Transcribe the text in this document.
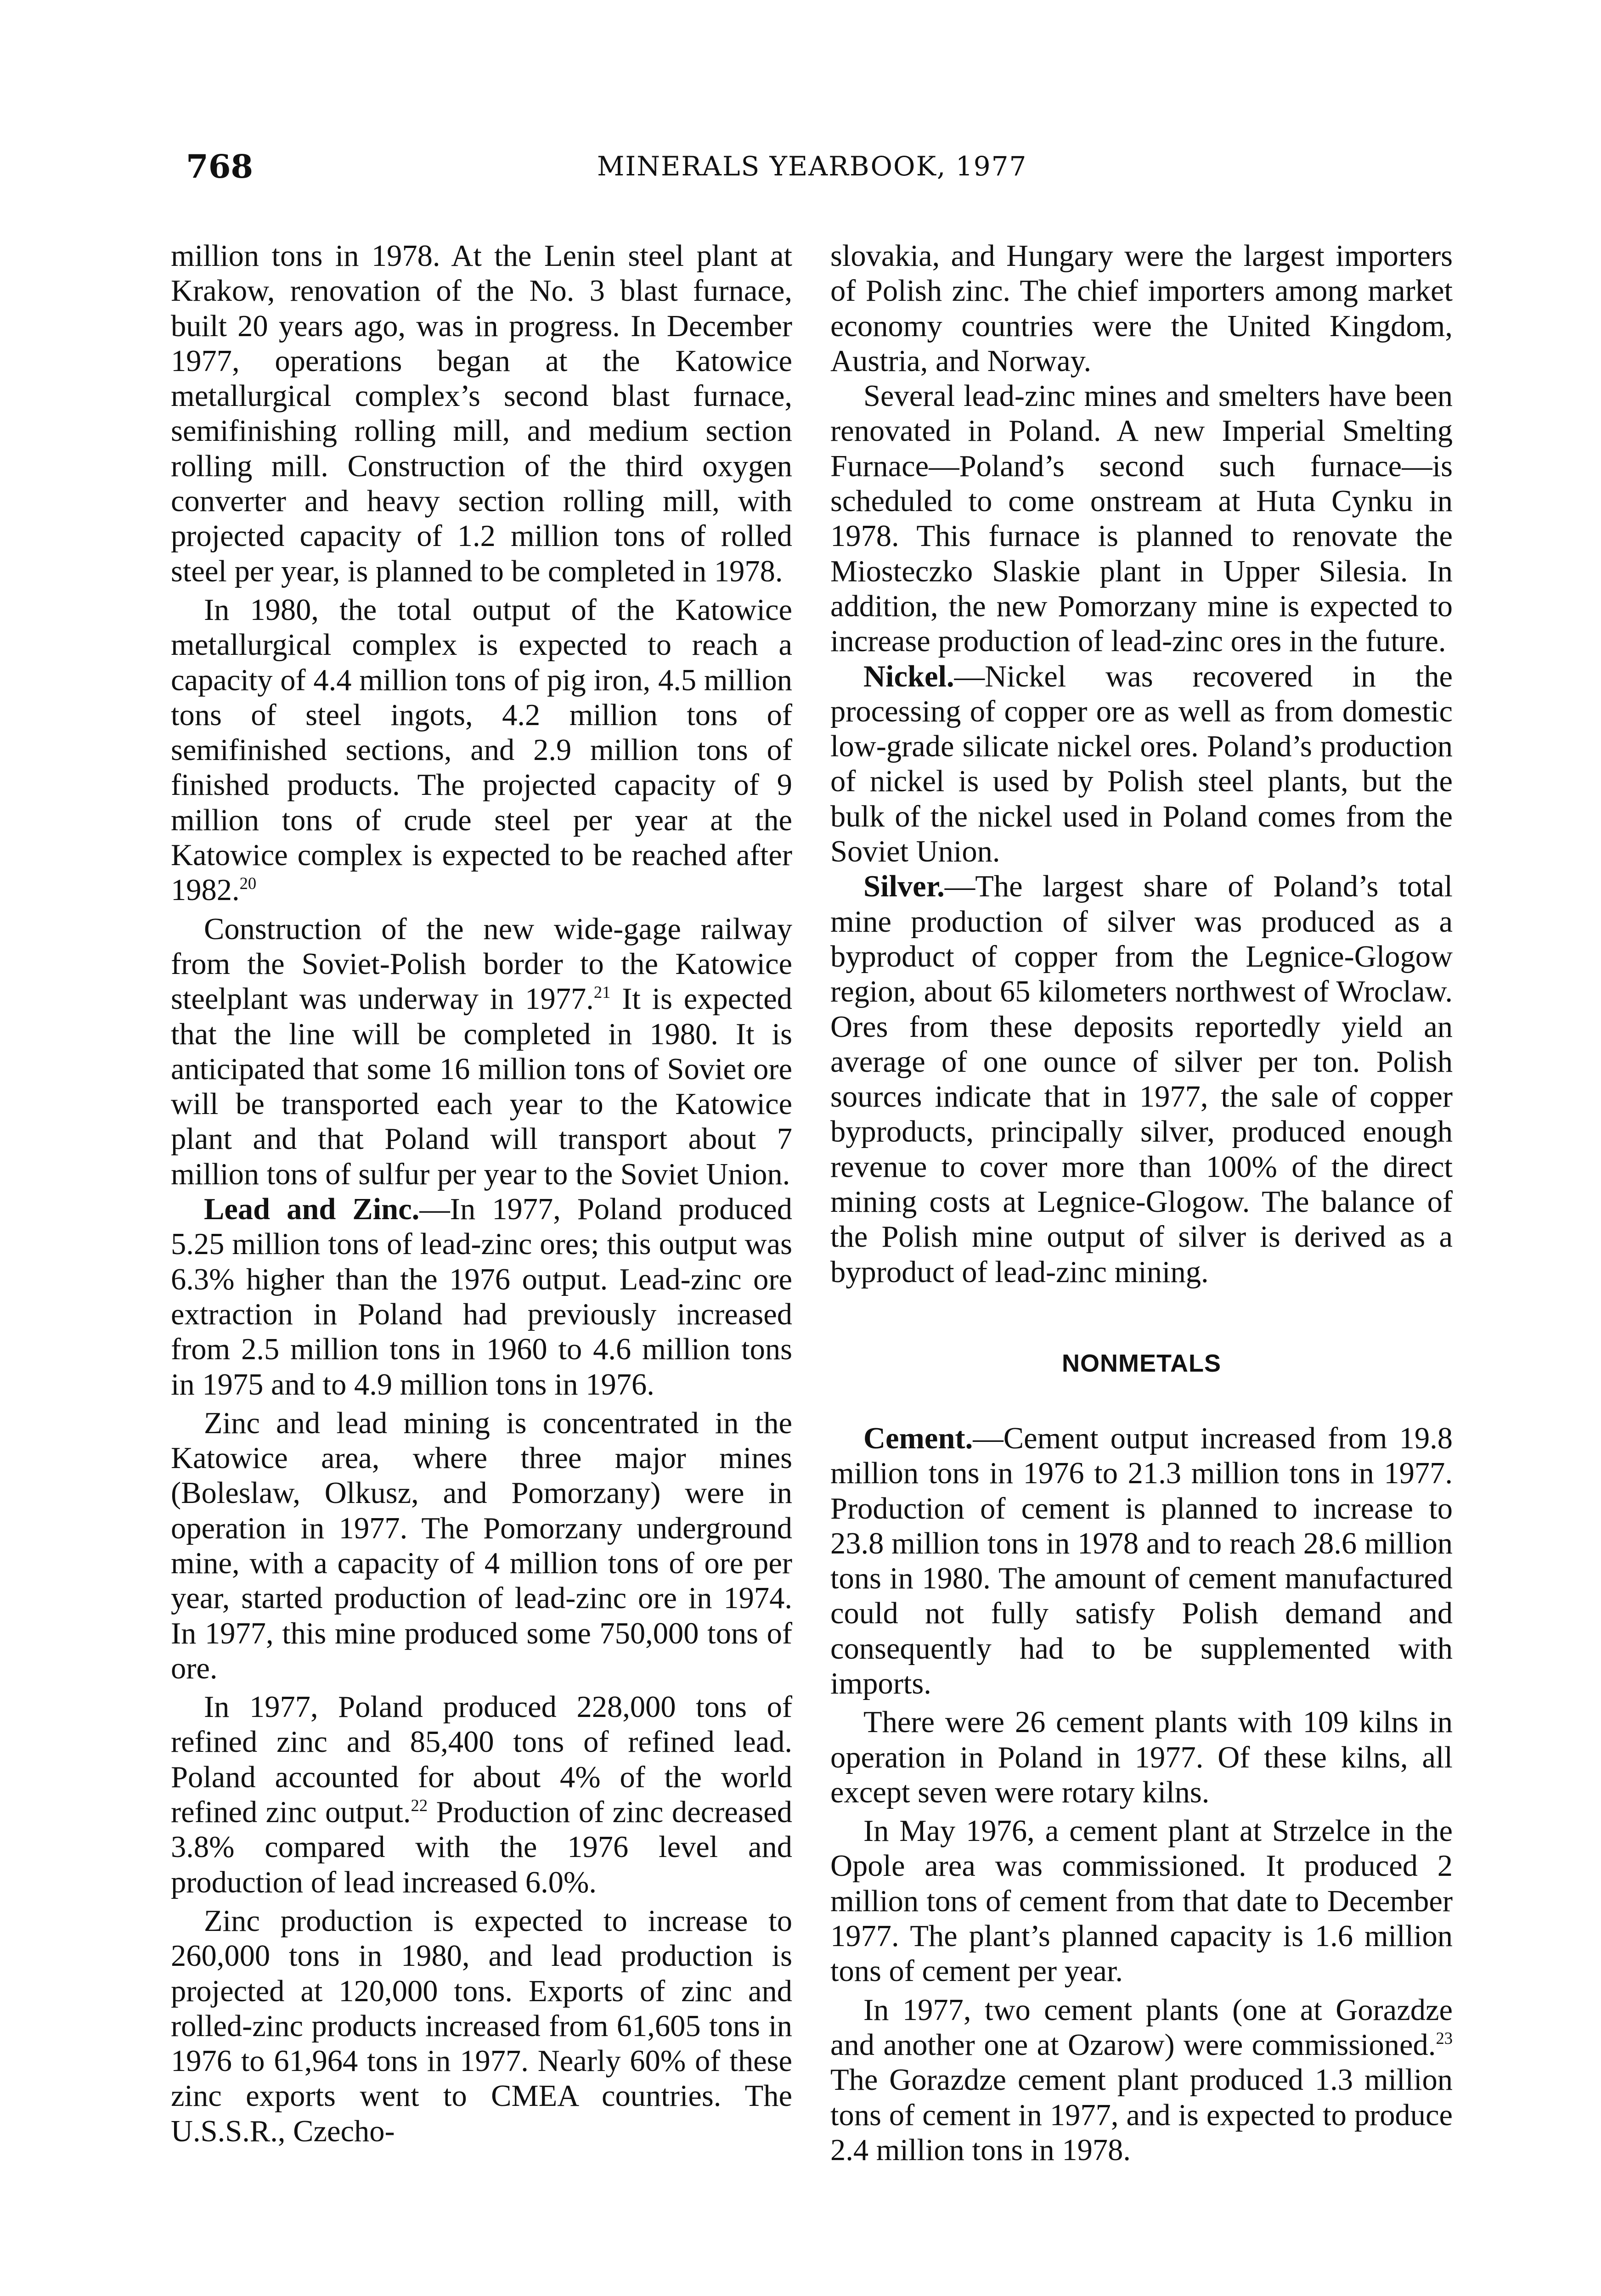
768	MINERALS YEARBOOK, 1977

million tons in 1978. At the Lenin steel plant at Krakow, renovation of the No. 3 blast furnace, built 20 years ago, was in progress. In December 1977, operations began at the Katowice metallurgical complex’s second blast furnace, semifinishing rolling mill, and medium section rolling mill. Construction of the third oxygen converter and heavy section rolling mill, with projected capacity of 1.2 million tons of rolled steel per year, is planned to be completed in 1978.

In 1980, the total output of the Katowice metallurgical complex is expected to reach a capacity of 4.4 million tons of pig iron, 4.5 million tons of steel ingots, 4.2 million tons of semifinished sections, and 2.9 million tons of finished products. The projected capacity of 9 million tons of crude steel per year at the Katowice complex is expected to be reached after 1982.20

Construction of the new wide-gage railway from the Soviet-Polish border to the Katowice steelplant was underway in 1977.21 It is expected that the line will be completed in 1980. It is anticipated that some 16 million tons of Soviet ore will be transported each year to the Katowice plant and that Poland will transport about 7 million tons of sulfur per year to the Soviet Union.

Lead and Zinc.—In 1977, Poland produced 5.25 million tons of lead-zinc ores; this output was 6.3% higher than the 1976 output. Lead-zinc ore extraction in Poland had previously increased from 2.5 million tons in 1960 to 4.6 million tons in 1975 and to 4.9 million tons in 1976.

Zinc and lead mining is concentrated in the Katowice area, where three major mines (Boleslaw, Olkusz, and Pomorzany) were in operation in 1977. The Pomorzany underground mine, with a capacity of 4 million tons of ore per year, started production of lead-zinc ore in 1974. In 1977, this mine produced some 750,000 tons of ore.

In 1977, Poland produced 228,000 tons of refined zinc and 85,400 tons of refined lead. Poland accounted for about 4% of the world refined zinc output.$^{22}$ Production of zinc decreased 3.8% compared with the 1976 level and production of lead increased 6.0%.

Zinc production is expected to increase to 260,000 tons in 1980, and lead production is projected at 120,000 tons. Exports of zinc and rolled-zinc products increased from 61,605 tons in 1976 to 61,964 tons in 1977. Nearly 60% of these zinc exports went to CMEA countries. The U.S.S.R., Czecho-

slovakia, and Hungary were the largest importers of Polish zinc. The chief importers among market economy countries were the United Kingdom, Austria, and Norway.

Several lead-zinc mines and smelters have been renovated in Poland. A new Imperial Smelting Furnace—Poland’s second such furnace—is scheduled to come onstream at Huta Cynku in 1978. This furnace is planned to renovate the Miosteczko Slaskie plant in Upper Silesia. In addition, the new Pomorzany mine is expected to increase production of lead-zinc ores in the future.

Nickel.—Nickel was recovered in the processing of copper ore as well as from domestic low-grade silicate nickel ores. Poland’s production of nickel is used by Polish steel plants, but the bulk of the nickel used in Poland comes from the Soviet Union.

Silver.—The largest share of Poland’s total mine production of silver was produced as a byproduct of copper from the Legnice-Glogow region, about 65 kilometers northwest of Wroclaw. Ores from these deposits reportedly yield an average of one ounce of silver per ton. Polish sources indicate that in 1977, the sale of copper byproducts, principally silver, produced enough revenue to cover more than 100% of the direct mining costs at Legnice-Glogow. The balance of the Polish mine output of silver is derived as a byproduct of lead-zinc mining.

NONMETALS

Cement.—Cement output increased from 19.8 million tons in 1976 to 21.3 million tons in 1977. Production of cement is planned to increase to 23.8 million tons in 1978 and to reach 28.6 million tons in 1980. The amount of cement manufactured could not fully satisfy Polish demand and consequently had to be supplemented with imports.

There were 26 cement plants with 109 kilns in operation in Poland in 1977. Of these kilns, all except seven were rotary kilns.

In May 1976, a cement plant at Strzelce in the Opole area was commissioned. It produced 2 million tons of cement from that date to December 1977. The plant’s planned capacity is 1.6 million tons of cement per year.

In 1977, two cement plants (one at Gorazdze and another one at Ozarow) were commissioned.$^{23}$ The Gorazdze cement plant produced 1.3 million tons of cement in 1977, and is expected to produce 2.4 million tons in 1978.
